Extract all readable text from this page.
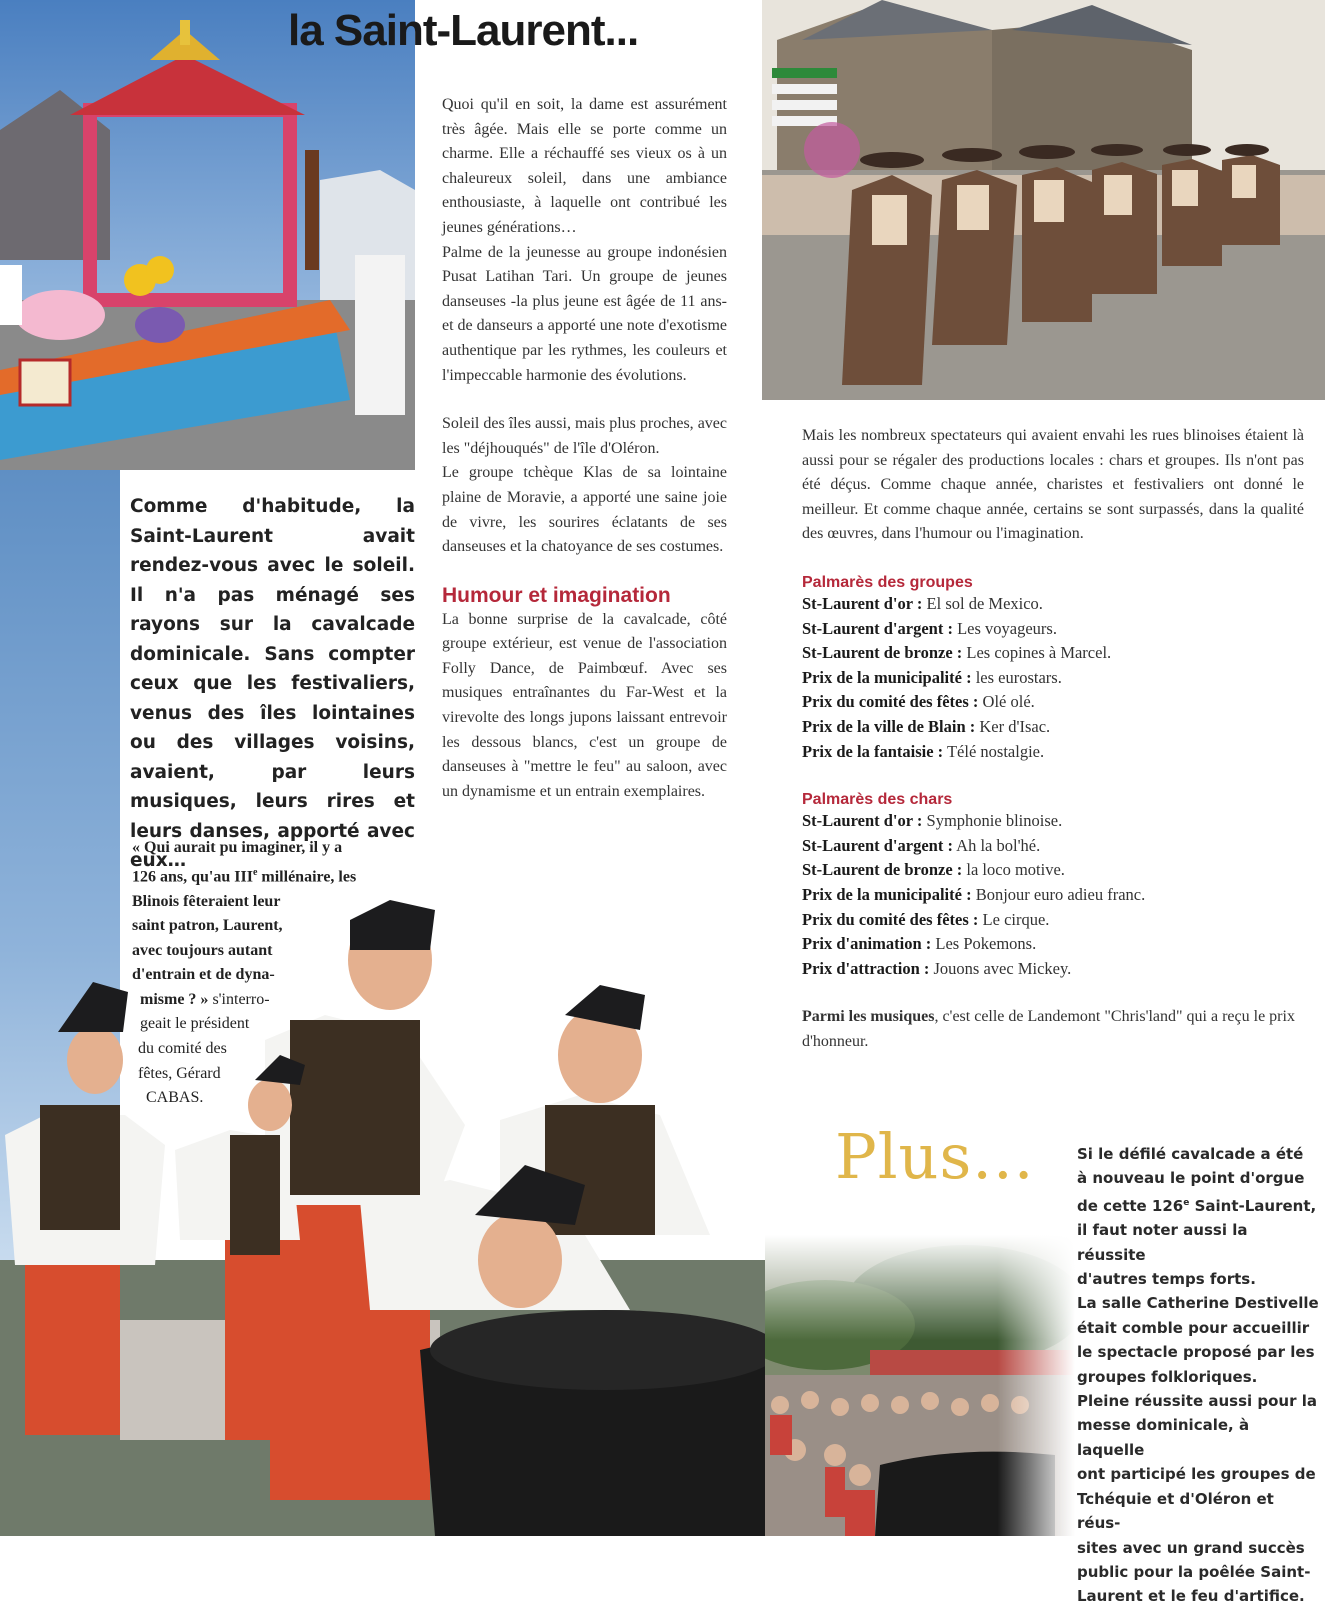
la Saint-Laurent...

Quoi qu'il en soit, la dame est assurément très âgée. Mais elle se porte comme un charme. Elle a réchauffé ses vieux os à un chaleureux soleil, dans une ambiance enthousiaste, à laquelle ont contribué les jeunes générations…

Palme de la jeunesse au groupe indonésien Pusat Latihan Tari. Un groupe de jeunes danseuses -la plus jeune est âgée de 11 ans- et de danseurs a apporté une note d'exotisme authentique par les rythmes, les couleurs et l'impeccable harmonie des évolutions.

Soleil des îles aussi, mais plus proches, avec les "déjhouqués" de l'île d'Oléron.

Le groupe tchèque Klas de sa lointaine plaine de Moravie, a apporté une saine joie de vivre, les sourires éclatants de ses danseuses et la chatoyance de ses costumes.

Humour et imagination

La bonne surprise de la cavalcade, côté groupe extérieur, est venue de l'association Folly Dance, de Paimbœuf. Avec ses musiques entraînantes du Far-West et la virevolte des longs jupons laissant entrevoir les dessous blancs, c'est un groupe de danseuses à "mettre le feu" au saloon, avec un dynamisme et un entrain exemplaires.

Comme d'habitude, la Saint-Laurent avait rendez-vous avec le soleil. Il n'a pas ménagé ses rayons sur la cavalcade dominicale. Sans compter ceux que les festivaliers, venus des îles lointaines ou des villages voisins, avaient, par leurs musiques, leurs rires et leurs danses, apporté avec eux…

« Qui aurait pu imaginer, il y a
126 ans, qu'au IIIe millénaire, les
Blinois fêteraient leur
saint patron, Laurent,
avec toujours autant
d'entrain et de dyna-
misme ? » s'interro-
geait le président
du comité des
fêtes, Gérard
CABAS.

Mais les nombreux spectateurs qui avaient envahi les rues blinoises étaient là aussi pour se régaler des productions locales : chars et groupes. Ils n'ont pas été déçus. Comme chaque année, charistes et festivaliers ont donné le meilleur. Et comme chaque année, certains se sont surpassés, dans la qualité des œuvres, dans l'humour ou l'imagination.

Palmarès des groupes

St-Laurent d'or : El sol de Mexico.

St-Laurent d'argent : Les voyageurs.

St-Laurent de bronze : Les copines à Marcel.

Prix de la municipalité : les eurostars.

Prix du comité des fêtes : Olé olé.

Prix de la ville de Blain : Ker d'Isac.

Prix de la fantaisie : Télé nostalgie.

Palmarès des chars

St-Laurent d'or : Symphonie blinoise.

St-Laurent d'argent : Ah la bol'hé.

St-Laurent de bronze : la loco motive.

Prix de la municipalité : Bonjour euro adieu franc.

Prix du comité des fêtes : Le cirque.

Prix d'animation : Les Pokemons.

Prix d'attraction : Jouons avec Mickey.

Parmi les musiques, c'est celle de Landemont "Chris'land" qui a reçu le prix d'honneur.

Plus...	Si le défilé cavalcade a été
à nouveau le point d'orgue
de cette 126e Saint-Laurent,
il faut noter aussi la réussite
d'autres temps forts.
La salle Catherine Destivelle
était comble pour accueillir
le spectacle proposé par les
groupes folkloriques.
Pleine réussite aussi pour la
messe dominicale, à laquelle
ont participé les groupes de
Tchéquie et d'Oléron et réus-
sites avec un grand succès
public pour la poêlée Saint-
Laurent et le feu d'artifice.
